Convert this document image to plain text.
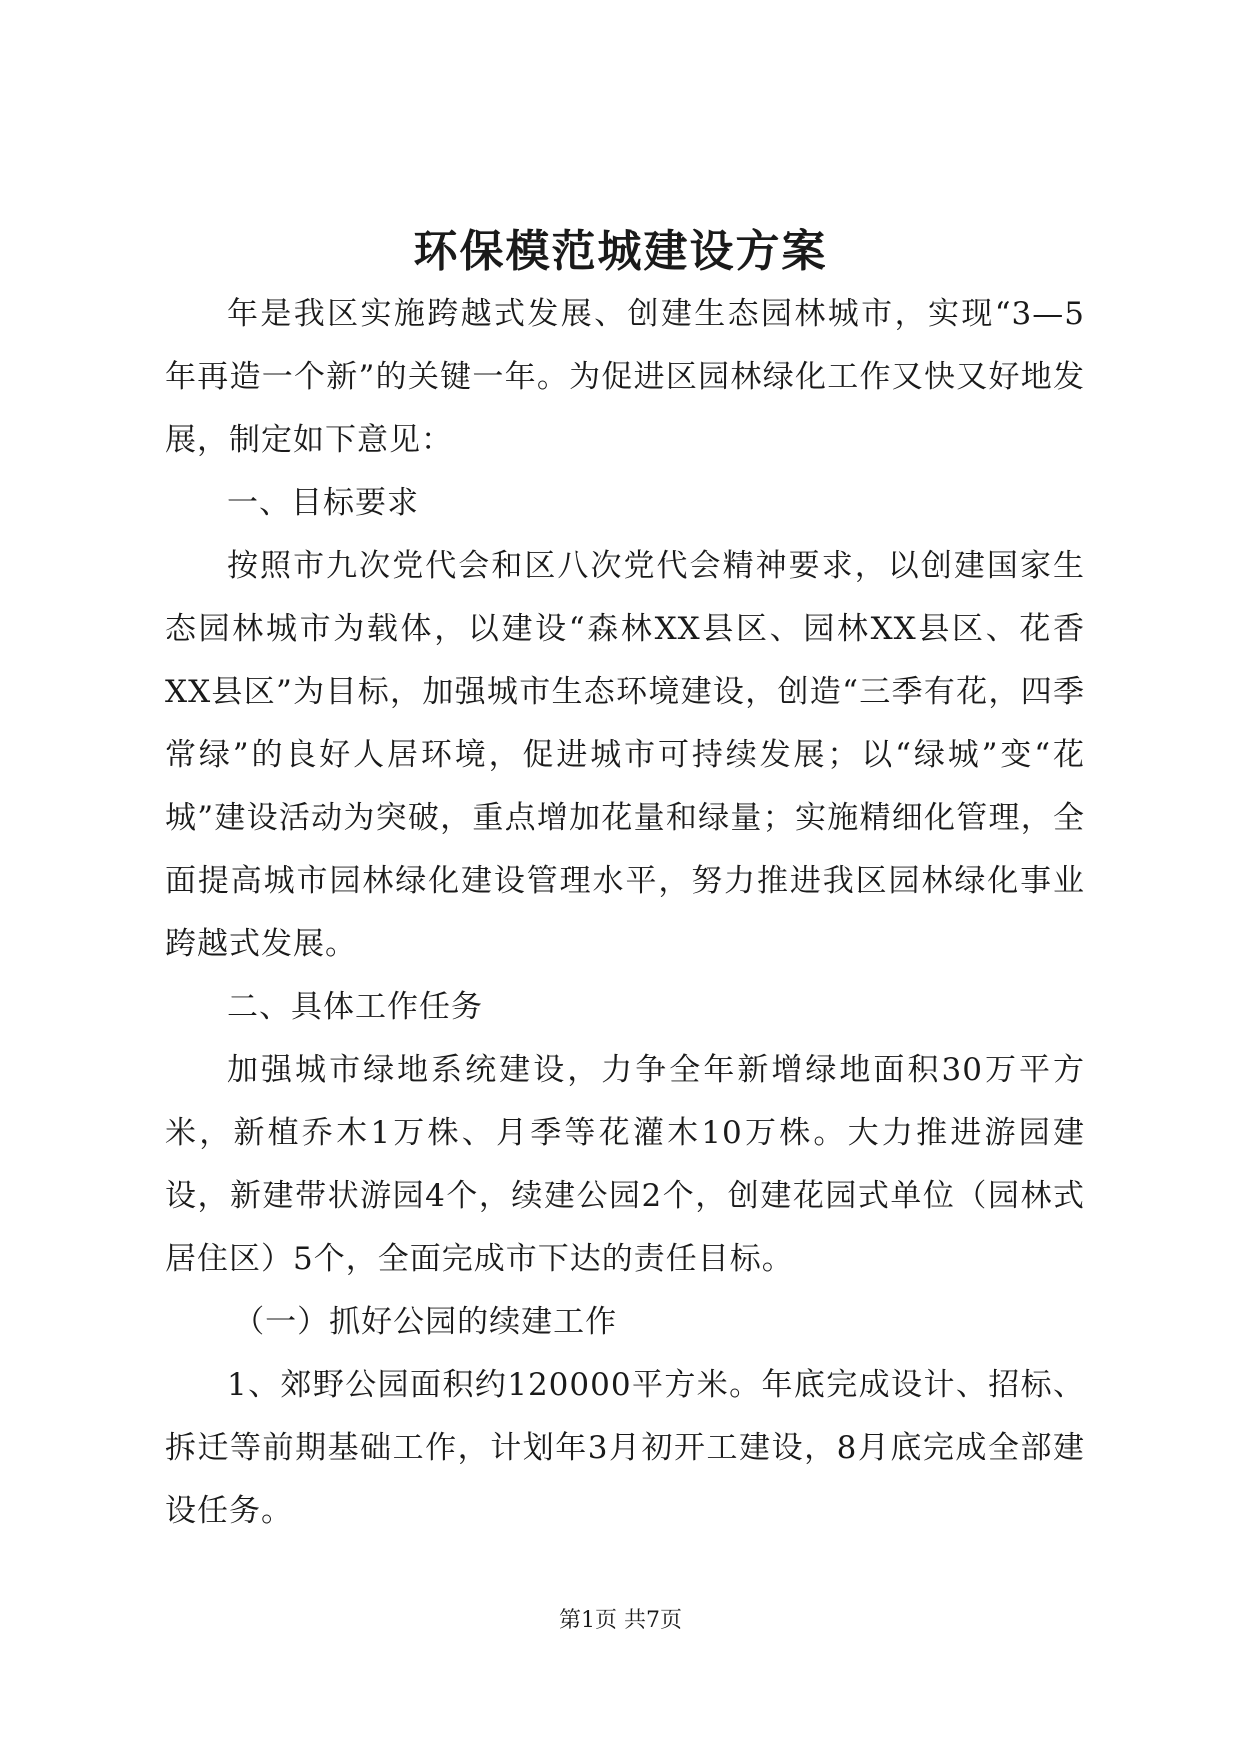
环保模范城建设方案

年是我区实施跨越式发展、创建生态园林城市，实现“3—5年再造一个新”的关键一年。为促进区园林绿化工作又快又好地发展，制定如下意见：

一、目标要求

按照市九次党代会和区八次党代会精神要求，以创建国家生态园林城市为载体，以建设“森林XX县区、园林XX县区、花香XX县区”为目标，加强城市生态环境建设，创造“三季有花，四季常绿”的良好人居环境，促进城市可持续发展；以“绿城”变“花城”建设活动为突破，重点增加花量和绿量；实施精细化管理，全面提高城市园林绿化建设管理水平，努力推进我区园林绿化事业跨越式发展。

二、具体工作任务

加强城市绿地系统建设，力争全年新增绿地面积30万平方米，新植乔木1万株、月季等花灌木10万株。大力推进游园建设，新建带状游园4个，续建公园2个，创建花园式单位（园林式居住区）5个，全面完成市下达的责任目标。

（一）抓好公园的续建工作

1、郊野公园面积约120000平方米。年底完成设计、招标、拆迁等前期基础工作，计划年3月初开工建设，8月底完成全部建设任务。

第1页 共7页
